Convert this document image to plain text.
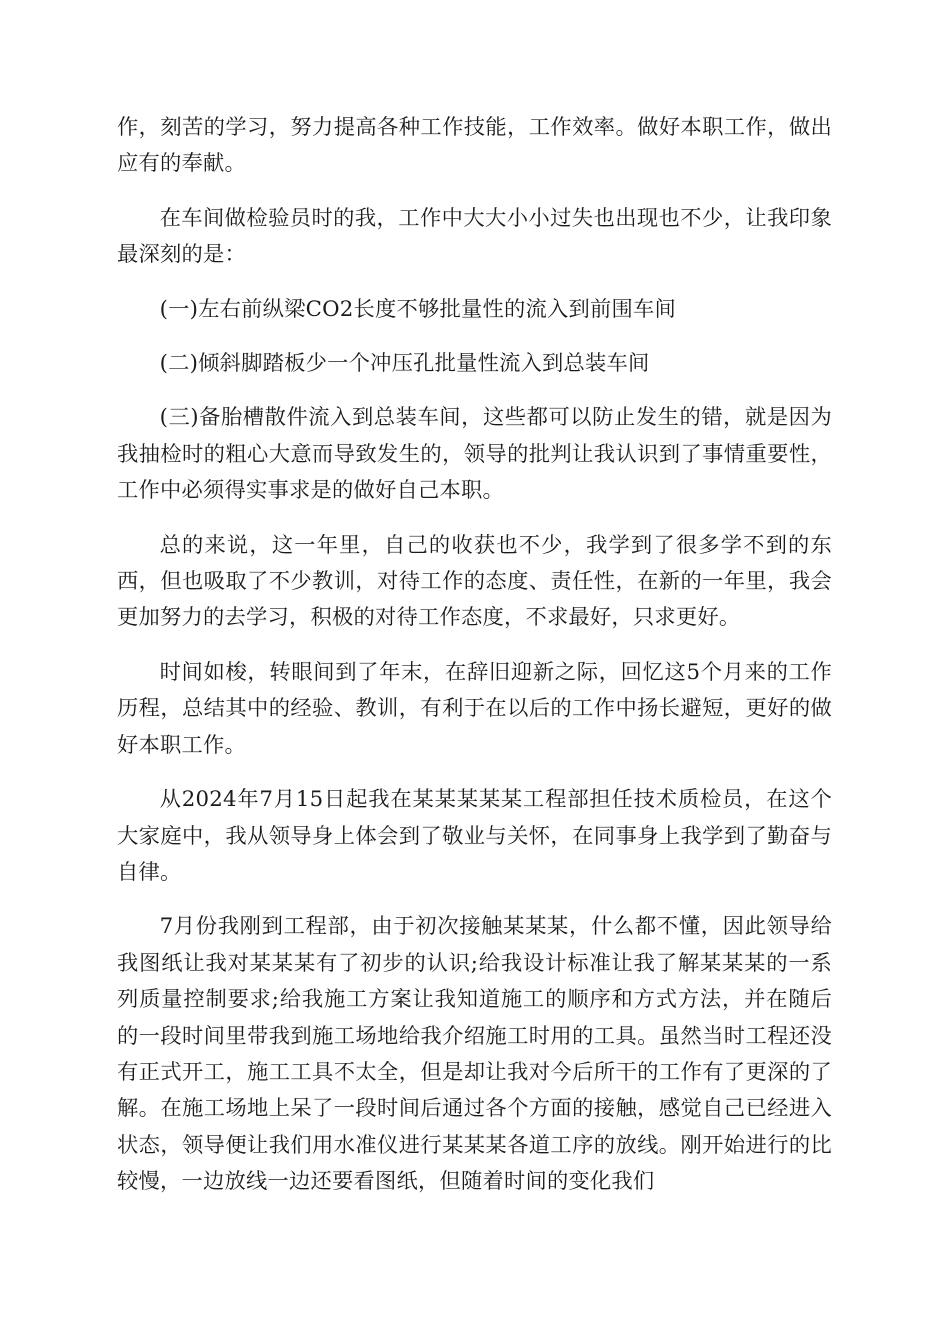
作，刻苦的学习，努力提高各种工作技能，工作效率。做好本职工作，做出应有的奉献。

在车间做检验员时的我，工作中大大小小过失也出现也不少，让我印象最深刻的是：

(一)左右前纵梁CO2长度不够批量性的流入到前围车间

(二)倾斜脚踏板少一个冲压孔批量性流入到总装车间

(三)备胎槽散件流入到总装车间，这些都可以防止发生的错，就是因为我抽检时的粗心大意而导致发生的，领导的批判让我认识到了事情重要性，工作中必须得实事求是的做好自己本职。

总的来说，这一年里，自己的收获也不少，我学到了很多学不到的东西，但也吸取了不少教训，对待工作的态度、责任性，在新的一年里，我会更加努力的去学习，积极的对待工作态度，不求最好，只求更好。

时间如梭，转眼间到了年末，在辞旧迎新之际，回忆这5个月来的工作历程，总结其中的经验、教训，有利于在以后的工作中扬长避短，更好的做好本职工作。

从2024年7月15日起我在某某某某某工程部担任技术质检员，在这个大家庭中，我从领导身上体会到了敬业与关怀，在同事身上我学到了勤奋与自律。

7月份我刚到工程部，由于初次接触某某某，什么都不懂，因此领导给我图纸让我对某某某有了初步的认识;给我设计标准让我了解某某某的一系列质量控制要求;给我施工方案让我知道施工的顺序和方式方法，并在随后的一段时间里带我到施工场地给我介绍施工时用的工具。虽然当时工程还没有正式开工，施工工具不太全，但是却让我对今后所干的工作有了更深的了解。在施工场地上呆了一段时间后通过各个方面的接触，感觉自己已经进入状态，领导便让我们用水准仪进行某某某各道工序的放线。刚开始进行的比较慢，一边放线一边还要看图纸，但随着时间的变化我们
